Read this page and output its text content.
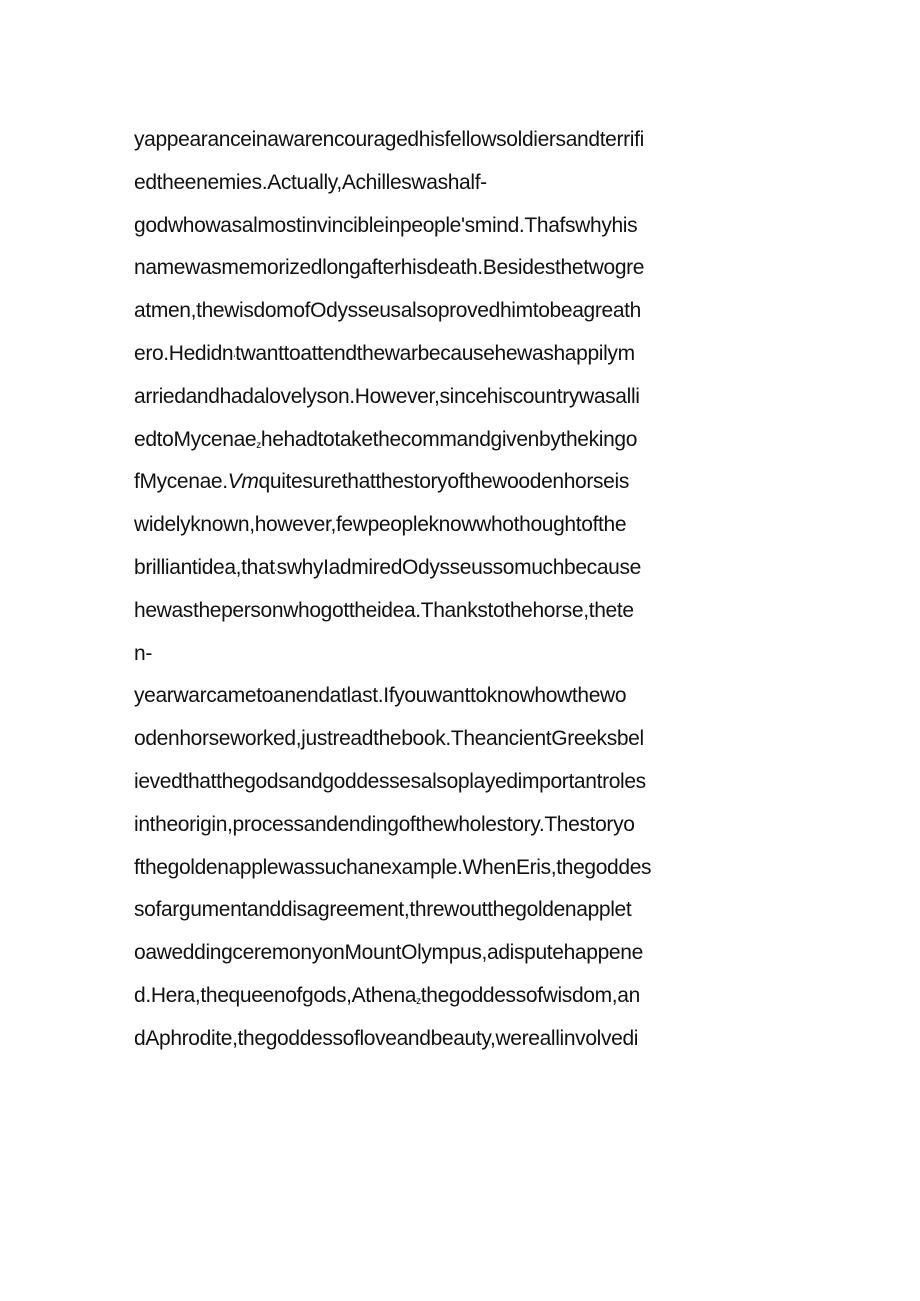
yappearanceinawarencouragedhisfellowsoldiersandterrifi
edtheenemies.Actually,Achilleswashalf-
godwhowasalmostinvincibleinpeople'smind.Thafswhyhis
namewasmemorizedlongafterhisdeath.Besidesthetwogre
atmen,thewisdomofOdysseusalsoprovedhimtobeagreath
ero.Hedidnʻtwanttoattendthewarbecausehewashappilym
arriedandhadalovelyson.However,sincehiscountrywasalli
edtoMycenaezhehadtotakethecommandgivenbythekingo
fMycenae.Vmquitesurethatthestoryofthewoodenhorseis
widelyknown,however,fewpeopleknowwhothoughtofthe
brilliantidea,thatʻswhyIadmiredOdysseussomuchbecause
hewasthepersonwhogottheidea.Thankstothehorse,thete
n-
yearwarcametoanendatlast.Ifyouwanttoknowhowthewo
odenhorseworked,justreadthebook.TheancientGreeksbel
ievedthatthegodsandgoddessesalsoplayedimportantroles
intheorigin,processandendingofthewholestory.Thestoryo
fthegoldenapplewassuchanexample.WhenEris,thegoddes
sofargumentanddisagreement,threwoutthegoldenapplet
oaweddingceremonyonMountOlympus,adisputehappene
d.Hera,thequeenofgods,Athenazthegoddessofwisdom,an
dAphrodite,thegoddessofloveandbeauty,wereallinvolvedi
